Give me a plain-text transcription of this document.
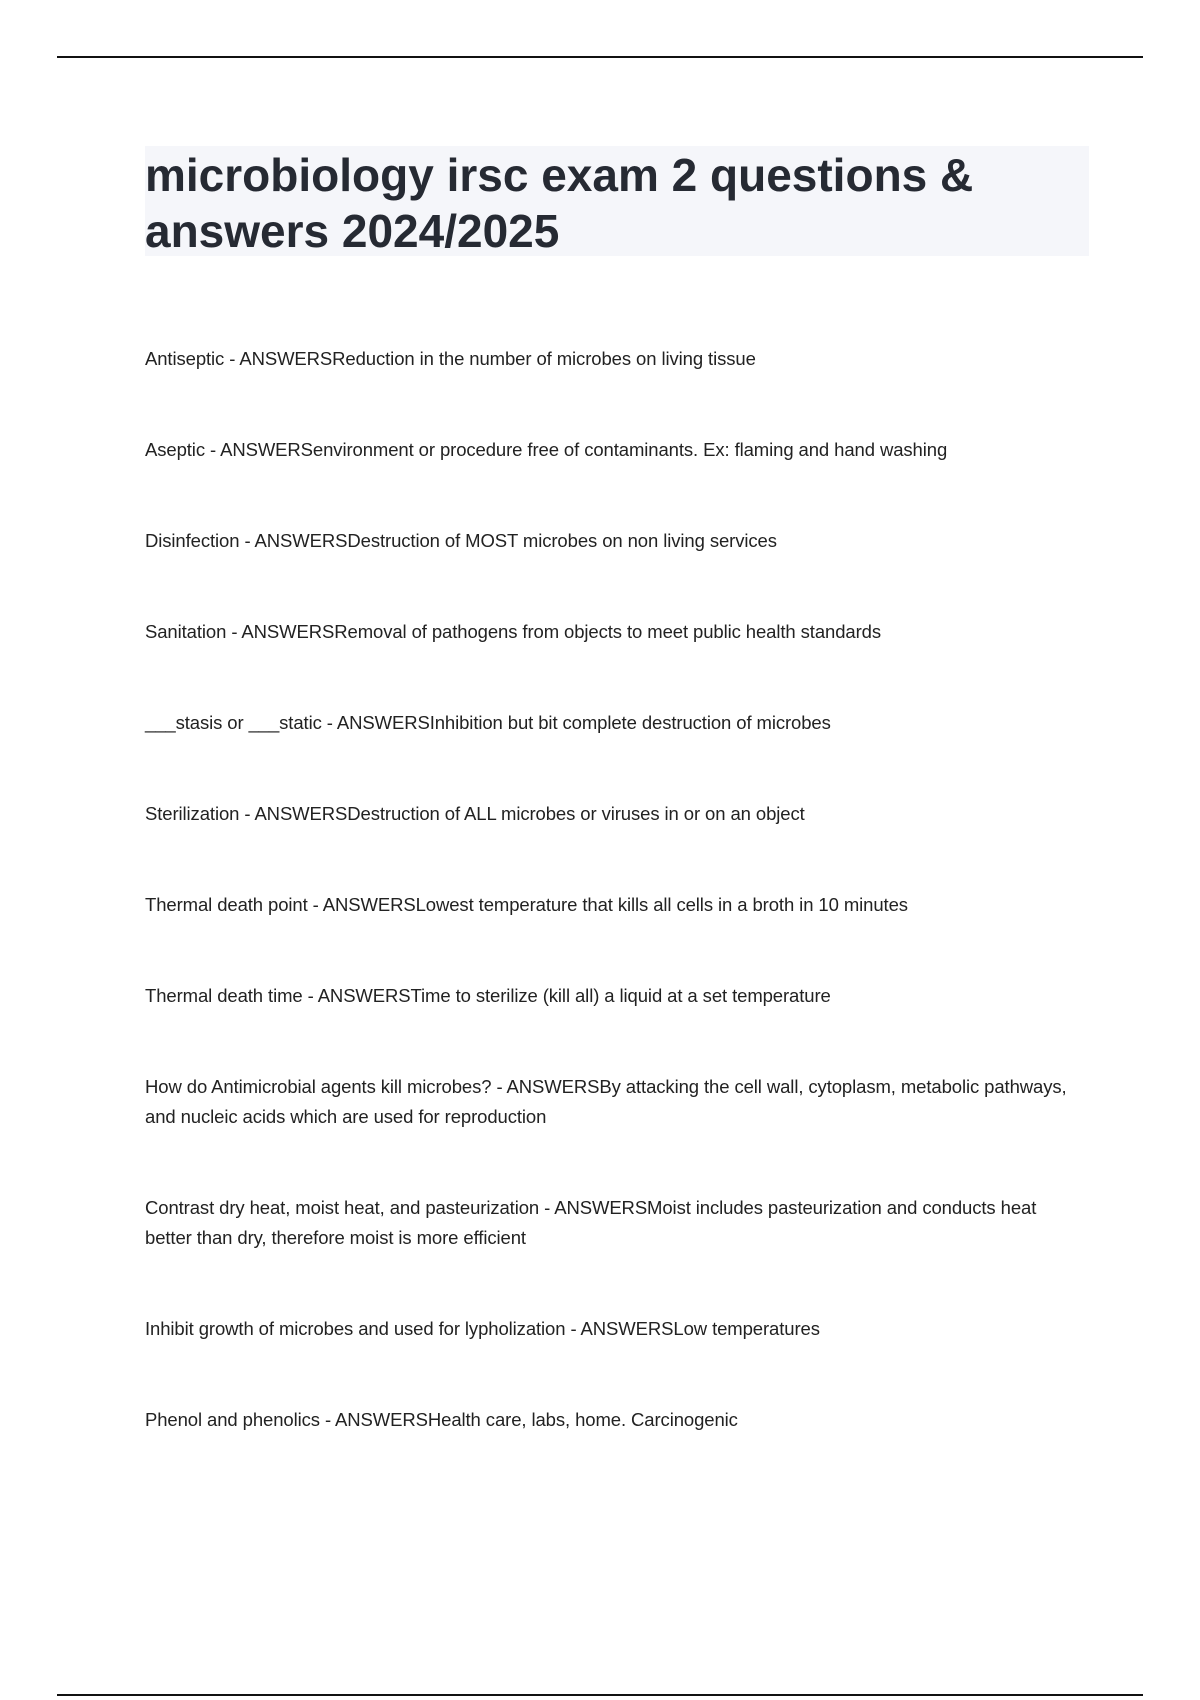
microbiology irsc exam 2 questions & answers 2024/2025
Antiseptic - ANSWERSReduction in the number of microbes on living tissue
Aseptic - ANSWERSenvironment or procedure free of contaminants. Ex: flaming and hand washing
Disinfection - ANSWERSDestruction of MOST microbes on non living services
Sanitation - ANSWERSRemoval of pathogens from objects to meet public health standards
___stasis or ___static - ANSWERSInhibition but bit complete destruction of microbes
Sterilization - ANSWERSDestruction of ALL microbes or viruses in or on an object
Thermal death point - ANSWERSLowest temperature that kills all cells in a broth in 10 minutes
Thermal death time - ANSWERSTime to sterilize (kill all) a liquid at a set temperature
How do Antimicrobial agents kill microbes? - ANSWERSBy attacking the cell wall, cytoplasm, metabolic pathways, and nucleic acids which are used for reproduction
Contrast dry heat, moist heat, and pasteurization - ANSWERSMoist includes pasteurization and conducts heat better than dry, therefore moist is more efficient
Inhibit growth of microbes and used for lypholization - ANSWERSLow temperatures
Phenol and phenolics - ANSWERSHealth care, labs, home. Carcinogenic
